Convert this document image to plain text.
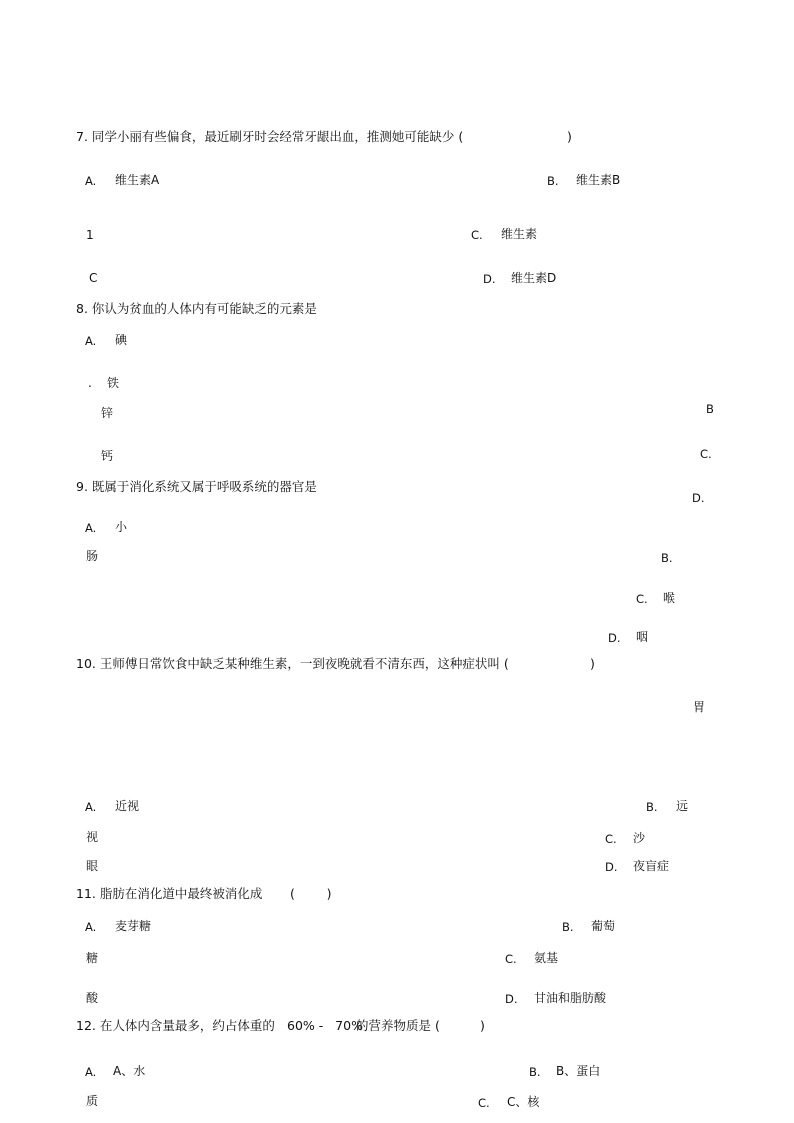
7. 同学小丽有些偏食，最近刷牙时会经常牙龈出血，推测她可能缺少 (	)
A. 维生素A	B. 维生素B
1	C. 维生素
C	D. 维生素D
8. 你认为贫血的人体内有可能缺乏的元素是
A. 碘
. 铁
锌	B
钙	C.
9. 既属于消化系统又属于呼吸系统的器官是
D.
A. 小
肠	B.
C. 喉
D. 咽
10. 王师傅日常饮食中缺乏某种维生素，一到夜晚就看不清东西，这种症状叫 (	)
胃
A. 近视	B. 远
视	C. 沙
眼	D. 夜盲症
11. 脂肪在消化道中最终被消化成 (        )
A. 麦芽糖	B. 葡萄
糖	C. 氨基
酸	D. 甘油和脂肪酸
12. 在人体内含量最多，约占体重的 60% -   70%
的营养物质是 (	)
A. A、水	B. B、蛋白
质	C. C、核
